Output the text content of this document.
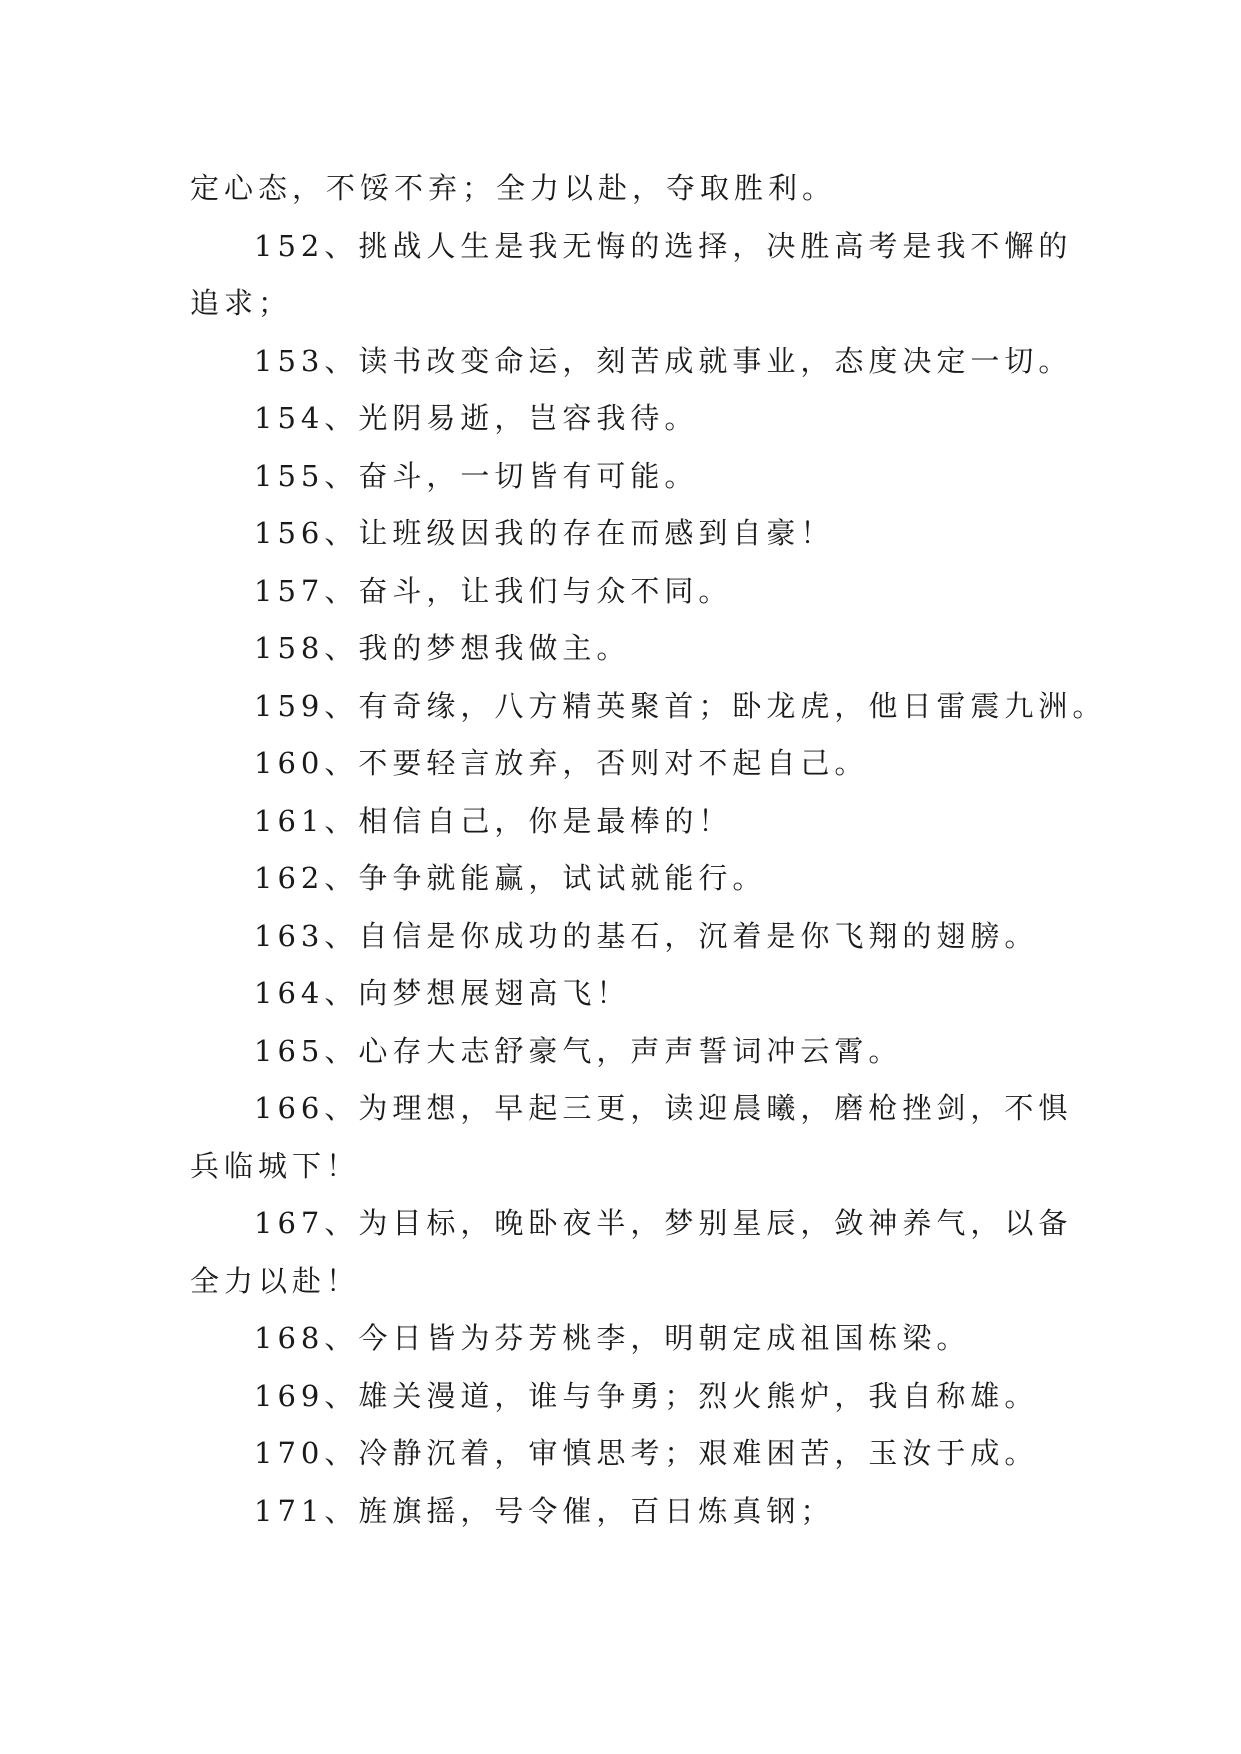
定心态，不馁不弃；全力以赴，夺取胜利。
152、挑战人生是我无悔的选择，决胜高考是我不懈的
追求；
153、读书改变命运，刻苦成就事业，态度决定一切。
154、光阴易逝，岂容我待。
155、奋斗，一切皆有可能。
156、让班级因我的存在而感到自豪！
157、奋斗，让我们与众不同。
158、我的梦想我做主。
159、有奇缘，八方精英聚首；卧龙虎，他日雷震九洲。
160、不要轻言放弃，否则对不起自己。
161、相信自己，你是最棒的！
162、争争就能赢，试试就能行。
163、自信是你成功的基石，沉着是你飞翔的翅膀。
164、向梦想展翅高飞！
165、心存大志舒豪气，声声誓词冲云霄。
166、为理想，早起三更，读迎晨曦，磨枪挫剑，不惧
兵临城下！
167、为目标，晚卧夜半，梦别星辰，敛神养气，以备
全力以赴！
168、今日皆为芬芳桃李，明朝定成祖国栋梁。
169、雄关漫道，谁与争勇；烈火熊炉，我自称雄。
170、冷静沉着，审慎思考；艰难困苦，玉汝于成。
171、旌旗摇，号令催，百日炼真钢；
